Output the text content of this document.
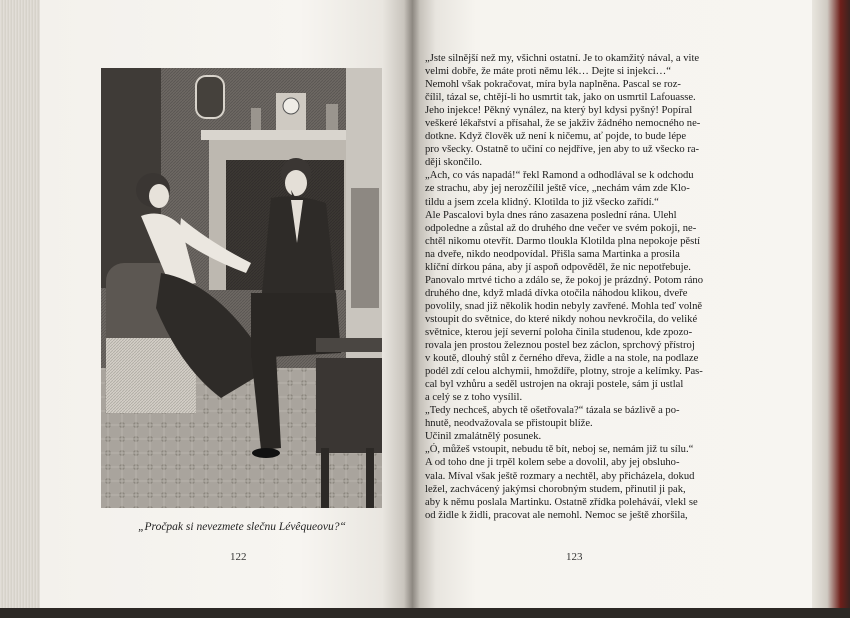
„Pročpak si nevezmete slečnu Lévêqueovu?“
122
„Jste silnější než my, všichni ostatní. Je to okamžitý nával, a vite
velmi dobře, že máte proti němu lék… Dejte si injekci…“
Nemohl však pokračovat, míra byla naplněna. Pascal se roz-
čílil, tázal se, chtějí-li ho usmrtit tak, jako on usmrtil Lafouasse.
Jeho injekce! Pěkný vynález, na který byl kdysi pyšný! Popíral
veškeré lékařství a přísahal, že se jakživ žádného nemocného ne-
dotkne. Když člověk už není k ničemu, ať pojde, to bude lépe
pro všecky. Ostatně to učiní co nejdříve, jen aby to už všecko ra-
ději skončilo.
„Ach, co vás napadá!“ řekl Ramond a odhodlával se k odchodu
ze strachu, aby jej nerozčílil ještě více, „nechám vám zde Klo-
tildu a jsem zcela klidný. Klotilda to již všecko zařídí.“
Ale Pascalovi byla dnes ráno zasazena poslední rána. Ulehl
odpoledne a zůstal až do druhého dne večer ve svém pokoji, ne-
chtěl nikomu otevřít. Darmo tloukla Klotilda plna nepokoje pěstí
na dveře, nikdo neodpovídal. Přišla sama Martinka a prosila
klíční dírkou pána, aby jí aspoň odpověděl, že nic nepotřebuje.
Panovalo mrtvé ticho a zdálo se, že pokoj je prázdný. Potom ráno
druhého dne, když mladá dívka otočila náhodou klikou, dveře
povolily, snad již několik hodin nebyly zavřené. Mohla teď volně
vstoupit do světnice, do které nikdy nohou nevkročila, do veliké
světnice, kterou její severní poloha činila studenou, kde zpozo-
rovala jen prostou železnou postel bez záclon, sprchový přístroj
v koutě, dlouhý stůl z černého dřeva, židle a na stole, na podlaze
podél zdí celou alchymii, hmoždíře, plotny, stroje a kelímky. Pas-
cal byl vzhůru a seděl ustrojen na okraji postele, sám jí ustlal
a celý se z toho vysílil.
„Tedy nechceš, abych tě ošetřovala?“ tázala se bázlivě a po-
hnutě, neodvažovala se přistoupit blíže.
Učinil zmalátnělý posunek.
„Ó, můžeš vstoupit, nebudu tě bít, neboj se, nemám již tu sílu.“
A od toho dne ji trpěl kolem sebe a dovolil, aby jej obsluho-
vala. Míval však ještě rozmary a nechtěl, aby přicházela, dokud
ležel, zachvácený jakýmsi chorobným studem, přinutil ji pak,
aby k němu poslala Martinku. Ostatně zřídka poleháváí, vlekl se
od židle k židli, pracovat ale nemohl. Nemoc se ještě zhoršila,
123
